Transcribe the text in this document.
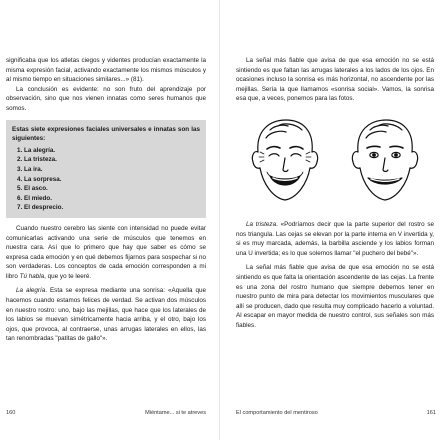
significaba que los atletas ciegos y videntes producían exactamente la misma expresión facial, activando exactamente los mismos músculos y al mismo tiempo en situaciones similares...» (81).

La conclusión es evidente: no son fruto del aprendizaje por observación, sino que nos vienen innatas como seres humanos que somos.

Estas siete expresiones faciales universales e innatas son las siguientes:

1. La alegría.
2. La tristeza.
3. La ira.
4. La sorpresa.
5. El asco.
6. El miedo.
7. El desprecio.

Cuando nuestro cerebro las siente con intensidad no puede evitar comunicarlas activando una serie de músculos que tenemos en nuestra cara. Así que lo primero que hay que saber es cómo se expresa cada emoción y en qué debemos fijarnos para sospechar si no son verdaderas. Los conceptos de cada emoción corresponden a mi libro Tú habla, que yo te leeré.

La alegría. Esta se expresa mediante una sonrisa: «Aquella que hacemos cuando estamos felices de verdad. Se activan dos músculos en nuestro rostro: uno, bajo las mejillas, que hace que los laterales de los labios se muevan simétricamente hacia arriba, y el otro, bajo los ojos, que provoca, al contraerse, unas arrugas laterales en ellos, las tan renombradas "patitas de gallo"».

160	Miéntame... si te atreves

La señal más fiable que avisa de que esa emoción no se está sintiendo es que faltan las arrugas laterales a los lados de los ojos. En ocasiones incluso la sonrisa es más horizontal, no ascendente por las mejillas. Sería la que llamamos «sonrisa social». Vamos, la sonrisa esa que, a veces, ponemos para las fotos.

La tristeza. «Podríamos decir que la parte superior del rostro se nos triangula. Las cejas se elevan por la parte interna en V invertida y, si es muy marcada, además, la barbilla asciende y los labios forman una U invertida; es lo que solemos llamar "el puchero del bebé"».

La señal más fiable que avisa de que esa emoción no se está sintiendo es que falta la orientación ascendente de las cejas. La frente es una zona del rostro humano que siempre debemos tener en nuestro punto de mira para detectar los movimientos musculares que allí se producen, dado que resulta muy complicado hacerlo a voluntad. Al escapar en mayor medida de nuestro control, sus señales son más fiables.

El comportamiento del mentiroso	161
